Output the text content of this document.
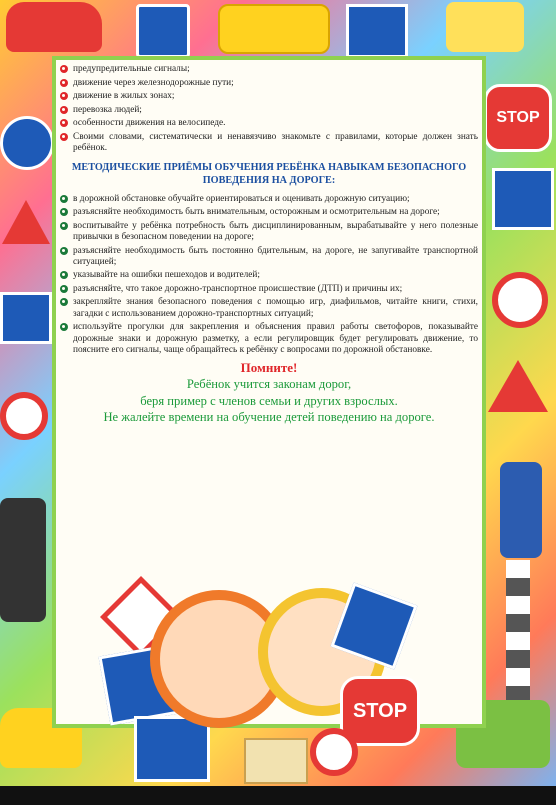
STOP
предупредительные сигналы;
движение через железнодорожные пути;
движение в жилых зонах;
перевозка людей;
особенности движения на велосипеде.
Своими словами, систематически и ненавязчиво знакомьте с правилами, которые должен знать ребёнок.
МЕТОДИЧЕСКИЕ ПРИЁМЫ ОБУЧЕНИЯ РЕБЁНКА НАВЫКАМ БЕЗОПАСНОГО ПОВЕДЕНИЯ НА ДОРОГЕ:
в дорожной обстановке обучайте ориентироваться и оценивать дорожную ситуацию;
разъясняйте необходимость быть внимательным, осторожным и осмотрительным на дороге;
воспитывайте у ребёнка потребность быть дисциплинированным, вырабатывайте у него полезные привычки в безопасном поведении на дороге;
разъясняйте необходимость быть постоянно бдительным, на дороге, не запугивайте транспортной ситуацией;
указывайте на ошибки пешеходов и водителей;
разъясняйте, что такое дорожно-транспортное происшествие (ДТП) и причины их;
закрепляйте знания безопасного поведения с помощью игр, диафильмов, читайте книги, стихи, загадки с использованием дорожно-транспортных ситуаций;
используйте прогулки для закрепления и объяснения правил работы светофоров, показывайте дорожные знаки и дорожную разметку, а если регулировщик будет регулировать движение, то поясните его сигналы, чаще обращайтесь к ребёнку с вопросами по дорожной обстановке.
Помните!
Ребёнок учится законам дорог,
беря пример с членов семьи и других взрослых.
Не жалейте времени на обучение детей поведению на дороге.
STOP
